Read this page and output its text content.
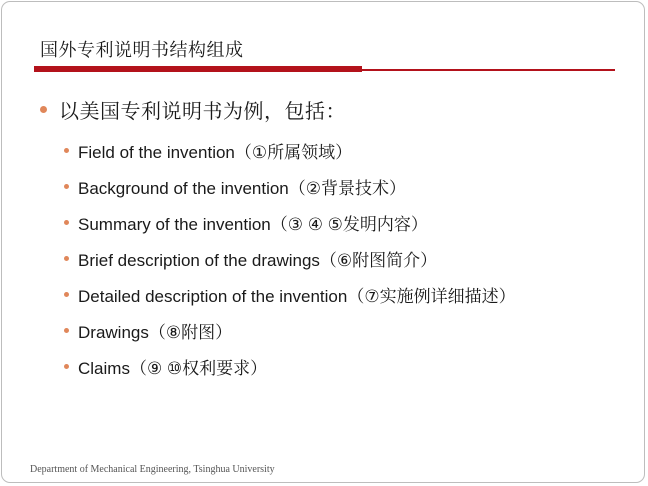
国外专利说明书结构组成
以美国专利说明书为例，包括：
Field of the invention（①所属领域）
Background of the invention（②背景技术）
Summary of the invention（③ ④ ⑤发明内容）
Brief description of the drawings（⑥附图简介）
Detailed description of the invention（⑦实施例详细描述）
Drawings（⑧附图）
Claims（⑨ ⑩权利要求）
Department of Mechanical Engineering, Tsinghua University
